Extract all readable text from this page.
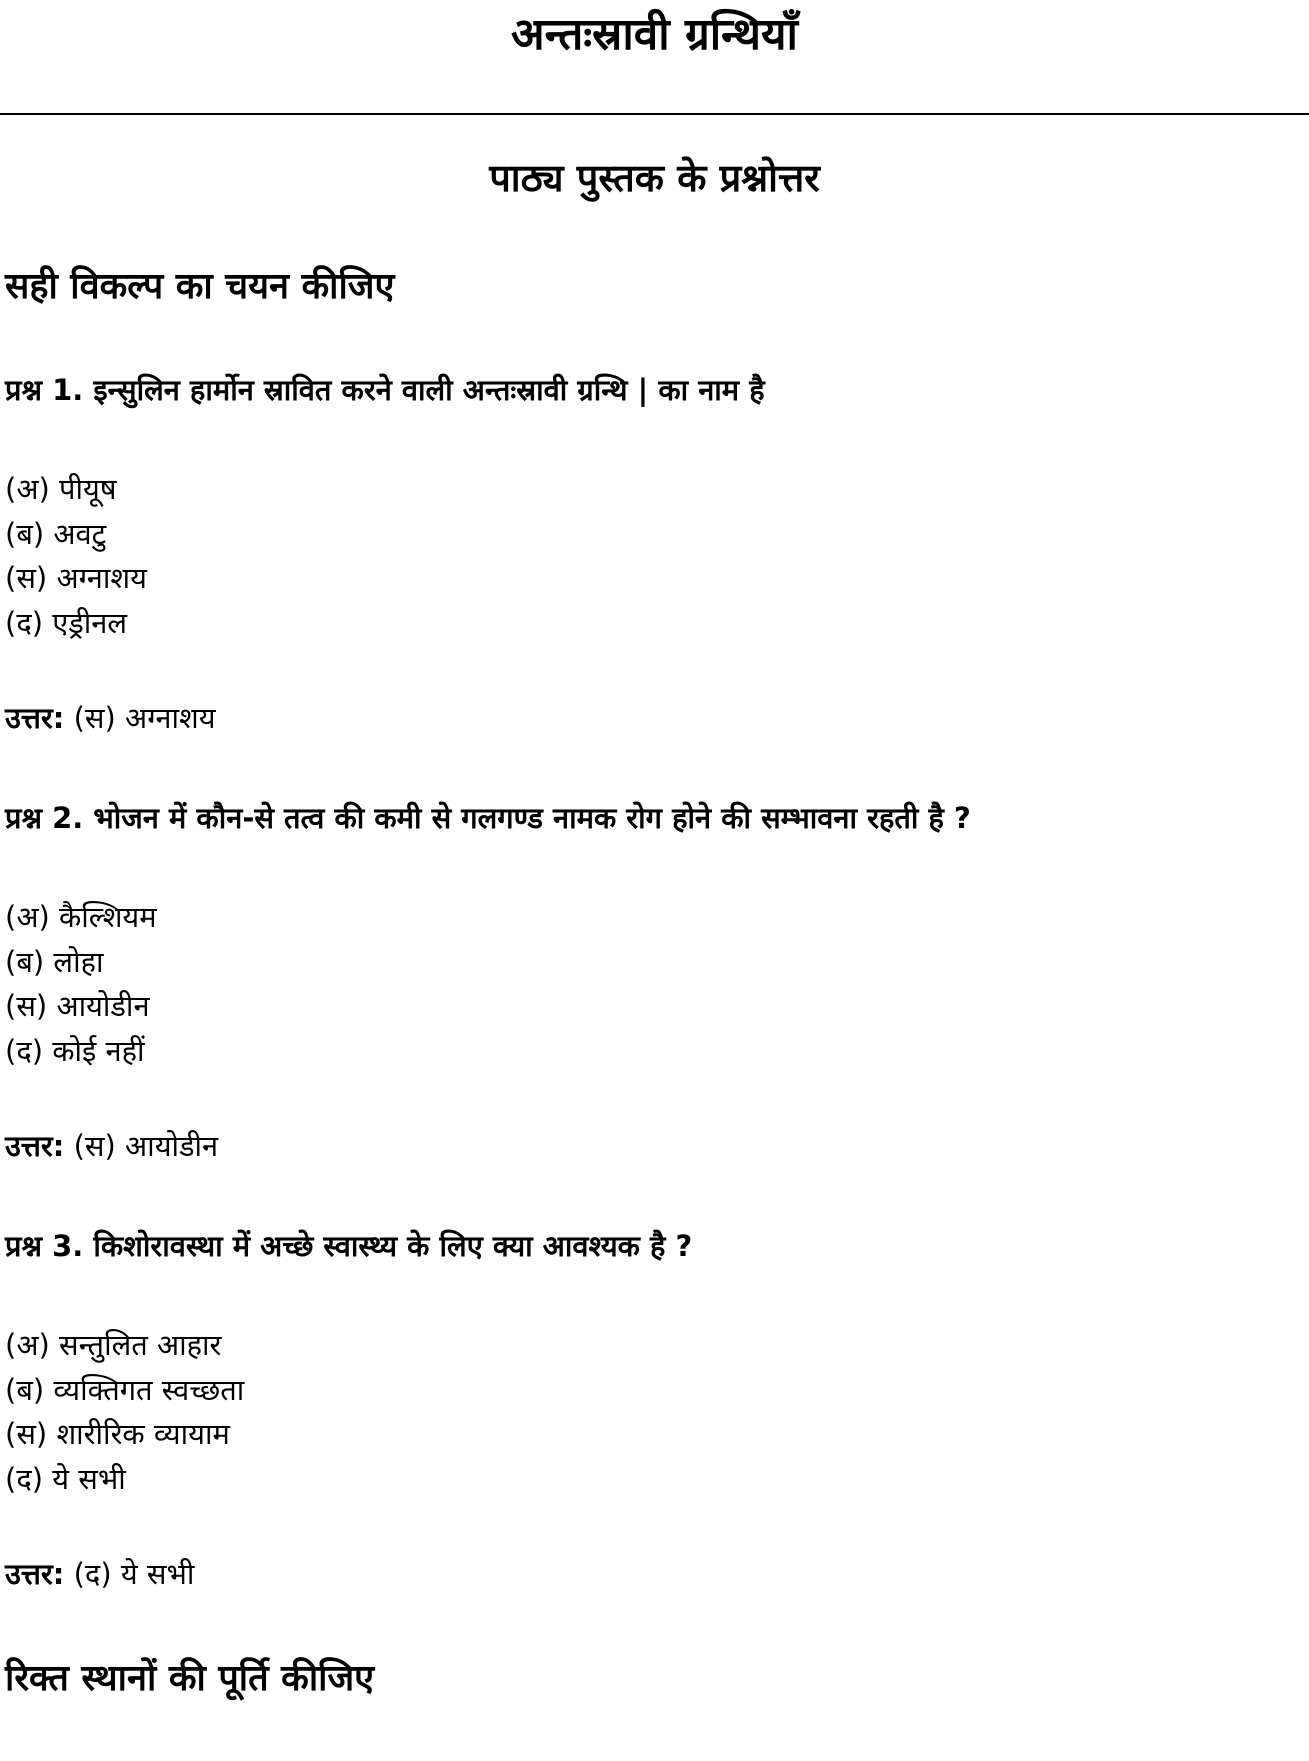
अन्तःस्रावी ग्रन्थियाँ
पाठ्य पुस्तक के प्रश्नोत्तर
सही विकल्प का चयन कीजिए
प्रश्न 1. इन्सुलिन हार्मोन स्रावित करने वाली अन्तःस्रावी ग्रन्थि | का नाम है
(अ) पीयूष
(ब) अवटु
(स) अग्नाशय
(द) एड्रीनल
उत्तर: (स) अग्नाशय
प्रश्न 2. भोजन में कौन-से तत्व की कमी से गलगण्ड नामक रोग होने की सम्भावना रहती है ?
(अ) कैल्शियम
(ब) लोहा
(स) आयोडीन
(द) कोई नहीं
उत्तर: (स) आयोडीन
प्रश्न 3. किशोरावस्था में अच्छे स्वास्थ्य के लिए क्या आवश्यक है ?
(अ) सन्तुलित आहार
(ब) व्यक्तिगत स्वच्छता
(स) शारीरिक व्यायाम
(द) ये सभी
उत्तर: (द) ये सभी
रिक्त स्थानों की पूर्ति कीजिए
